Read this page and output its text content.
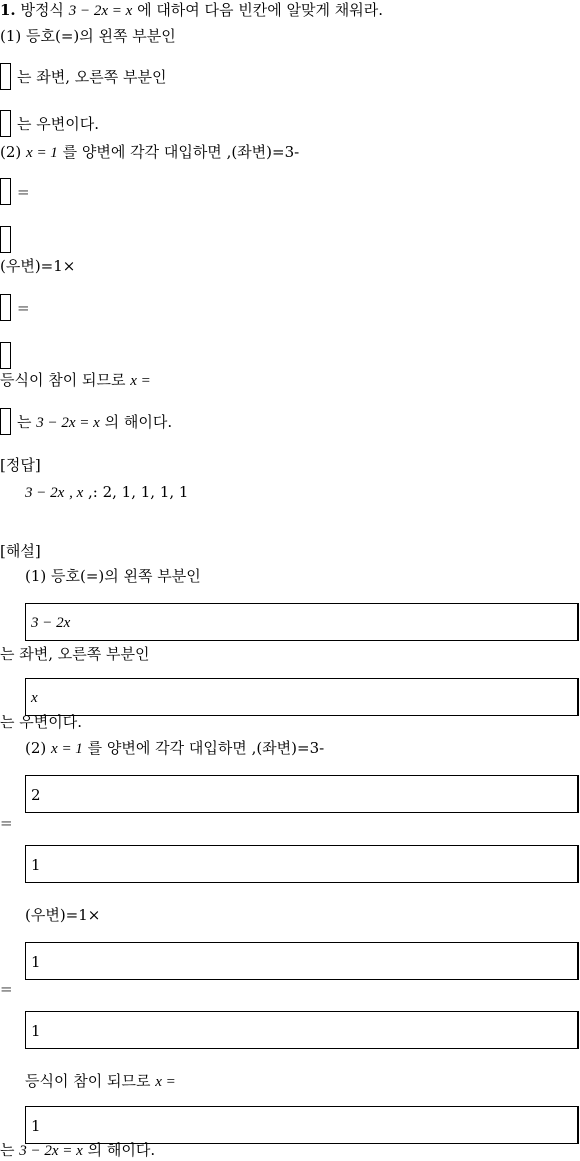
1. 방정식 3 − 2x = x 에 대하여 다음 빈칸에 알맞게 채워라.
(1) 등호(=)의 왼쪽 부분인
는 좌변, 오른쪽 부분인
는 우변이다.
(2) x = 1 를 양변에 각각 대입하면 ,(좌변)=3-
=
(우변)=1×
=
등식이 참이 되므로 x =
는 3 − 2x = x 의 해이다.
[정답]
3 − 2x , x ,: 2, 1, 1, 1, 1
[해설]
(1) 등호(=)의 왼쪽 부분인
3 − 2x
는 좌변, 오른쪽 부분인
x
는 우변이다.
(2) x = 1 를 양변에 각각 대입하면 ,(좌변)=3-
=
2
1
(우변)=1×
=
1
1
등식이 참이 되므로 x =
1
는 3 − 2x = x 의 해이다.
